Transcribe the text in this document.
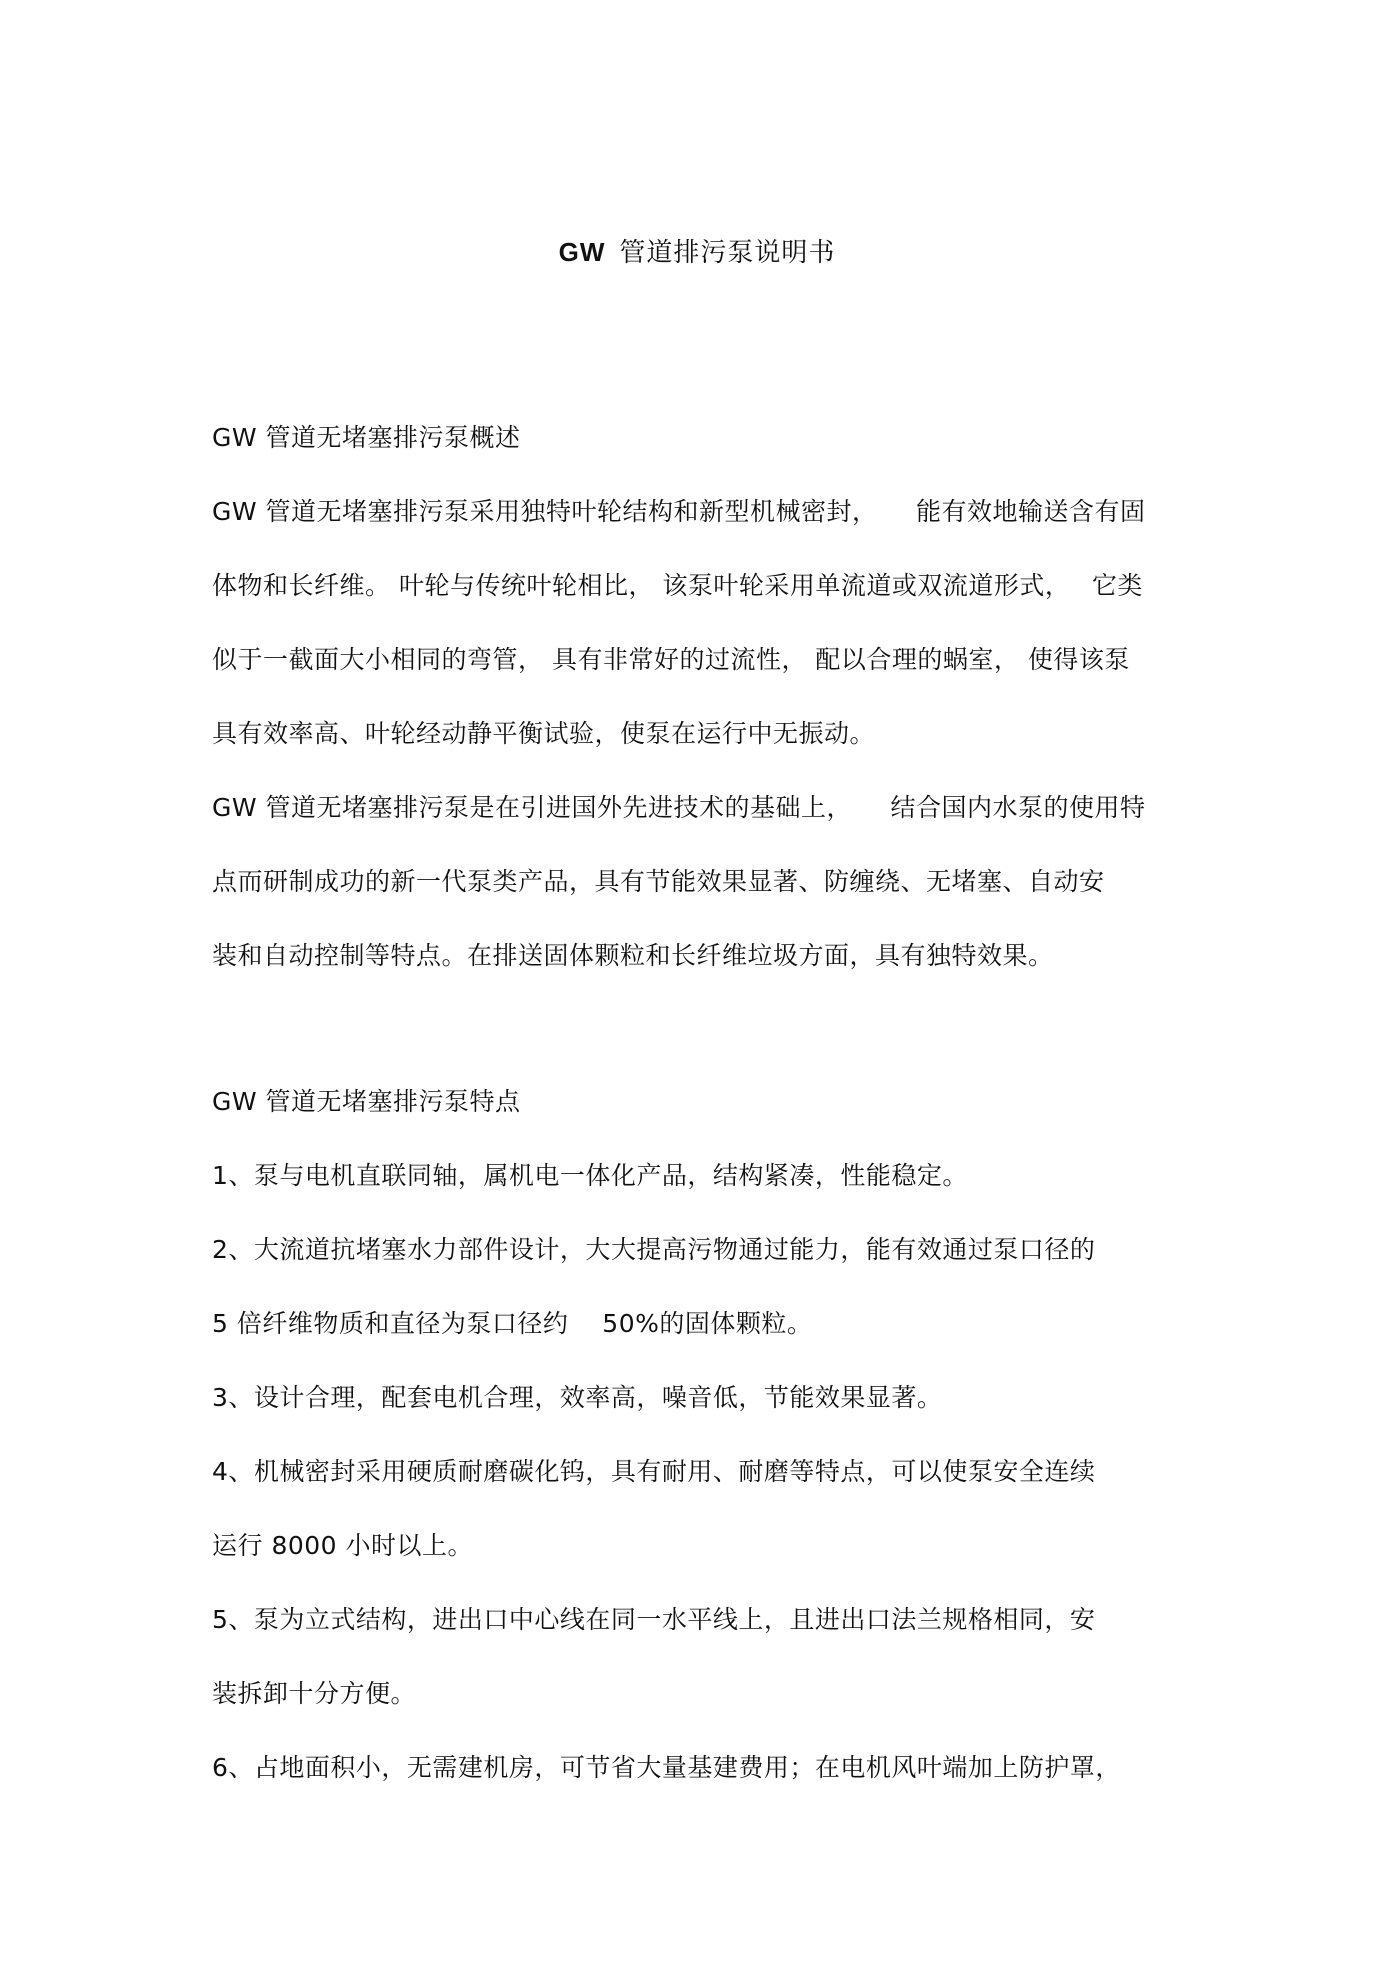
GW 管道排污泵说明书
GW 管道无堵塞排污泵概述
GW 管道无堵塞排污泵采用独特叶轮结构和新型机械密封，　　能有效地输送含有固
体物和长纤维。 叶轮与传统叶轮相比， 该泵叶轮采用单流道或双流道形式，　 它类
似于一截面大小相同的弯管， 具有非常好的过流性， 配以合理的蜗室， 使得该泵
具有效率高、叶轮经动静平衡试验，使泵在运行中无振动。
GW 管道无堵塞排污泵是在引进国外先进技术的基础上，　　结合国内水泵的使用特
点而研制成功的新一代泵类产品，具有节能效果显著、防缠绕、无堵塞、自动安
装和自动控制等特点。在排送固体颗粒和长纤维垃圾方面，具有独特效果。
GW 管道无堵塞排污泵特点
1、泵与电机直联同轴，属机电一体化产品，结构紧凑，性能稳定。
2、大流道抗堵塞水力部件设计，大大提高污物通过能力，能有效通过泵口径的
5 倍纤维物质和直径为泵口径约　 50%的固体颗粒。
3、设计合理，配套电机合理，效率高，噪音低，节能效果显著。
4、机械密封采用硬质耐磨碳化钨，具有耐用、耐磨等特点，可以使泵安全连续
运行 8000 小时以上。
5、泵为立式结构，进出口中心线在同一水平线上，且进出口法兰规格相同，安
装拆卸十分方便。
6、占地面积小，无需建机房，可节省大量基建费用；在电机风叶端加上防护罩，
